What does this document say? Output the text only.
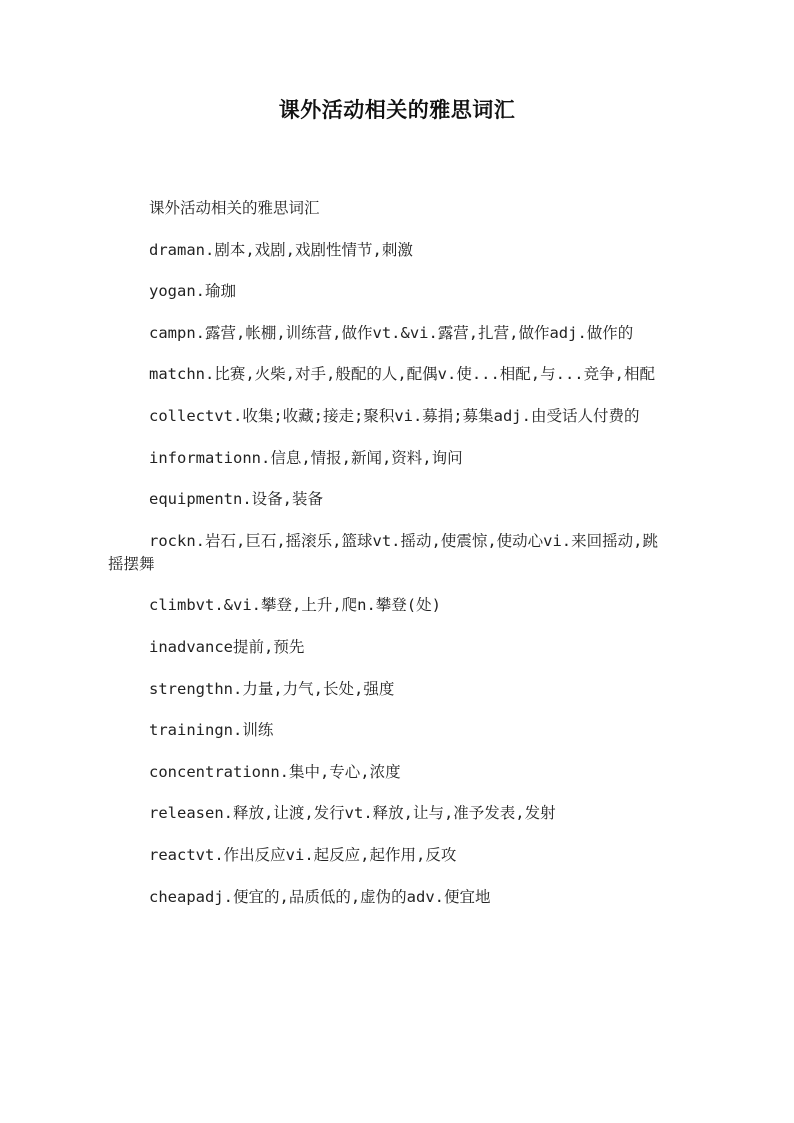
课外活动相关的雅思词汇

课外活动相关的雅思词汇

draman.剧本,戏剧,戏剧性情节,刺激

yogan.瑜珈

campn.露营,帐棚,训练营,做作vt.&vi.露营,扎营,做作adj.做作的

matchn.比赛,火柴,对手,般配的人,配偶v.使...相配,与...竞争,相配

collectvt.收集;收藏;接走;聚积vi.募捐;募集adj.由受话人付费的

informationn.信息,情报,新闻,资料,询问

equipmentn.设备,装备

rockn.岩石,巨石,摇滚乐,篮球vt.摇动,使震惊,使动心vi.来回摇动,跳摇摆舞

climbvt.&vi.攀登,上升,爬n.攀登(处)

inadvance提前,预先

strengthn.力量,力气,长处,强度

trainingn.训练

concentrationn.集中,专心,浓度

releasen.释放,让渡,发行vt.释放,让与,准予发表,发射

reactvt.作出反应vi.起反应,起作用,反攻

cheapadj.便宜的,品质低的,虚伪的adv.便宜地
